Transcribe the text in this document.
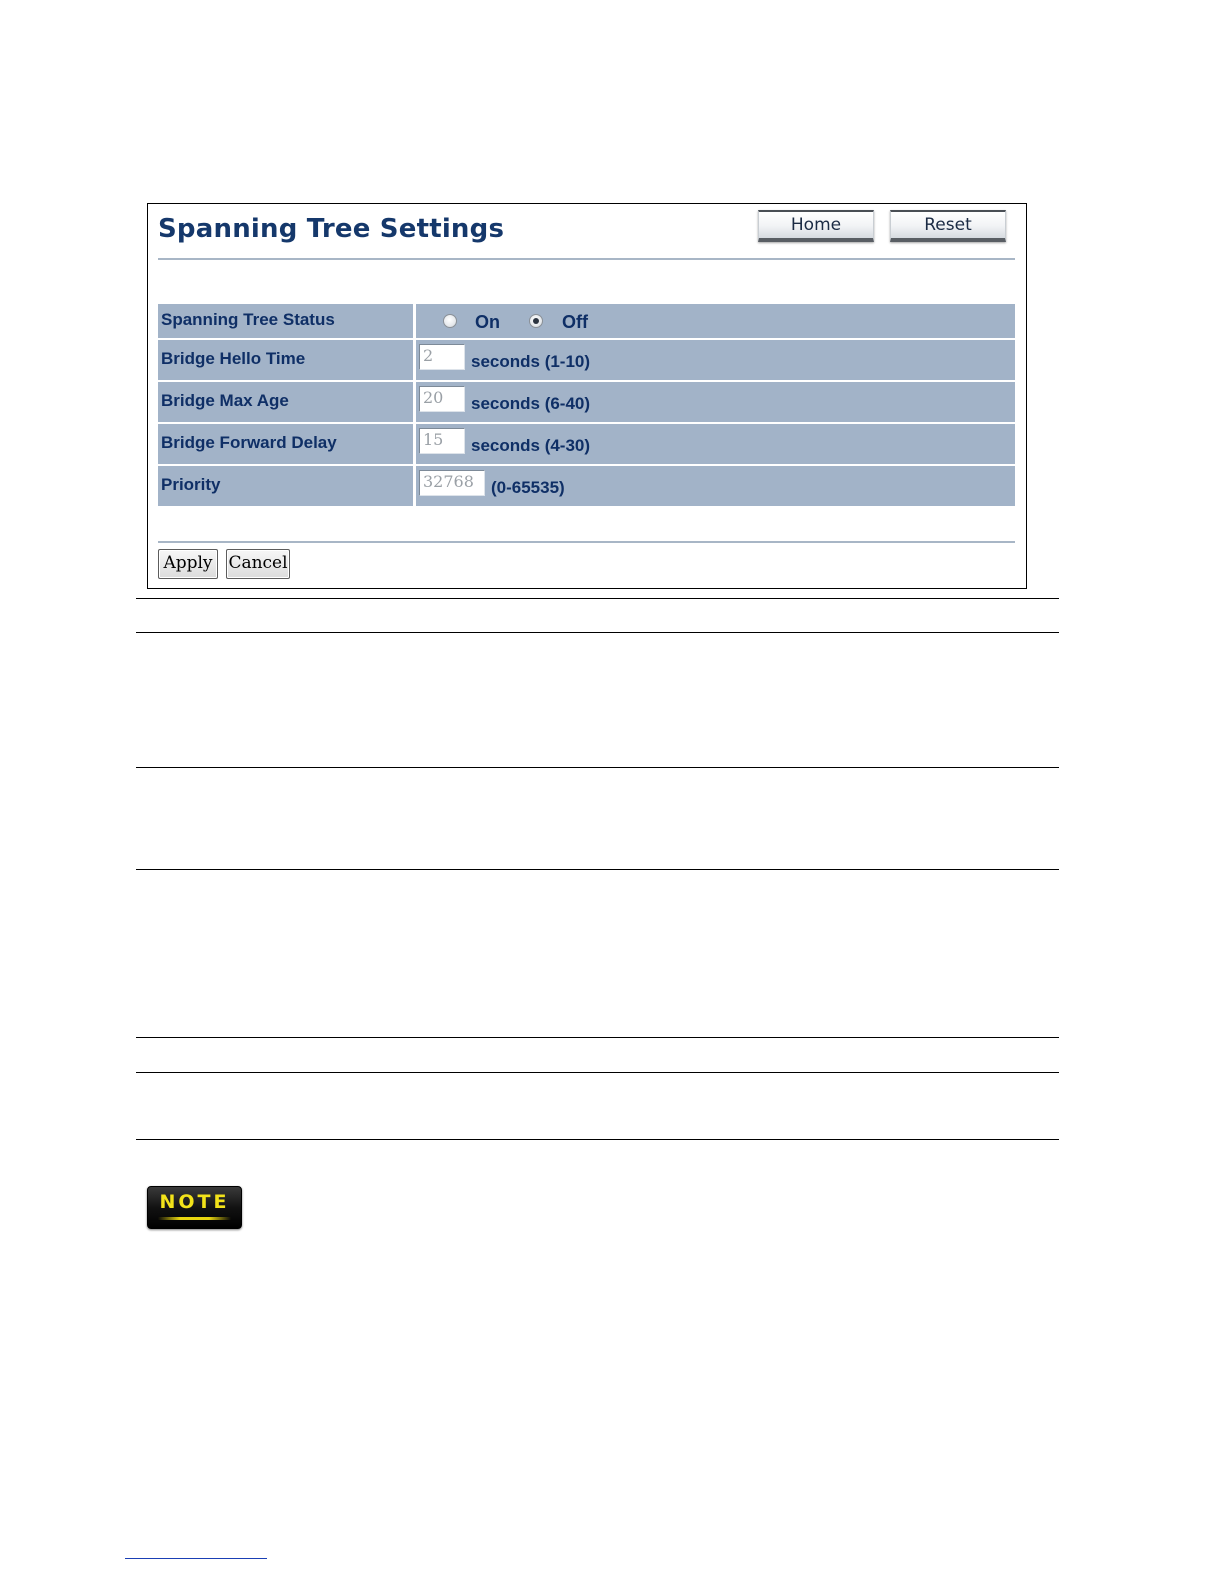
Spanning Tree Settings	Home	Reset
Spanning Tree Status	On	Off
Bridge Hello Time	2	seconds (1-10)
Bridge Max Age	20	seconds (6-40)
Bridge Forward Delay	15	seconds (4-30)
Priority	32768	(0-65535)
Apply Cancel
NOTE
